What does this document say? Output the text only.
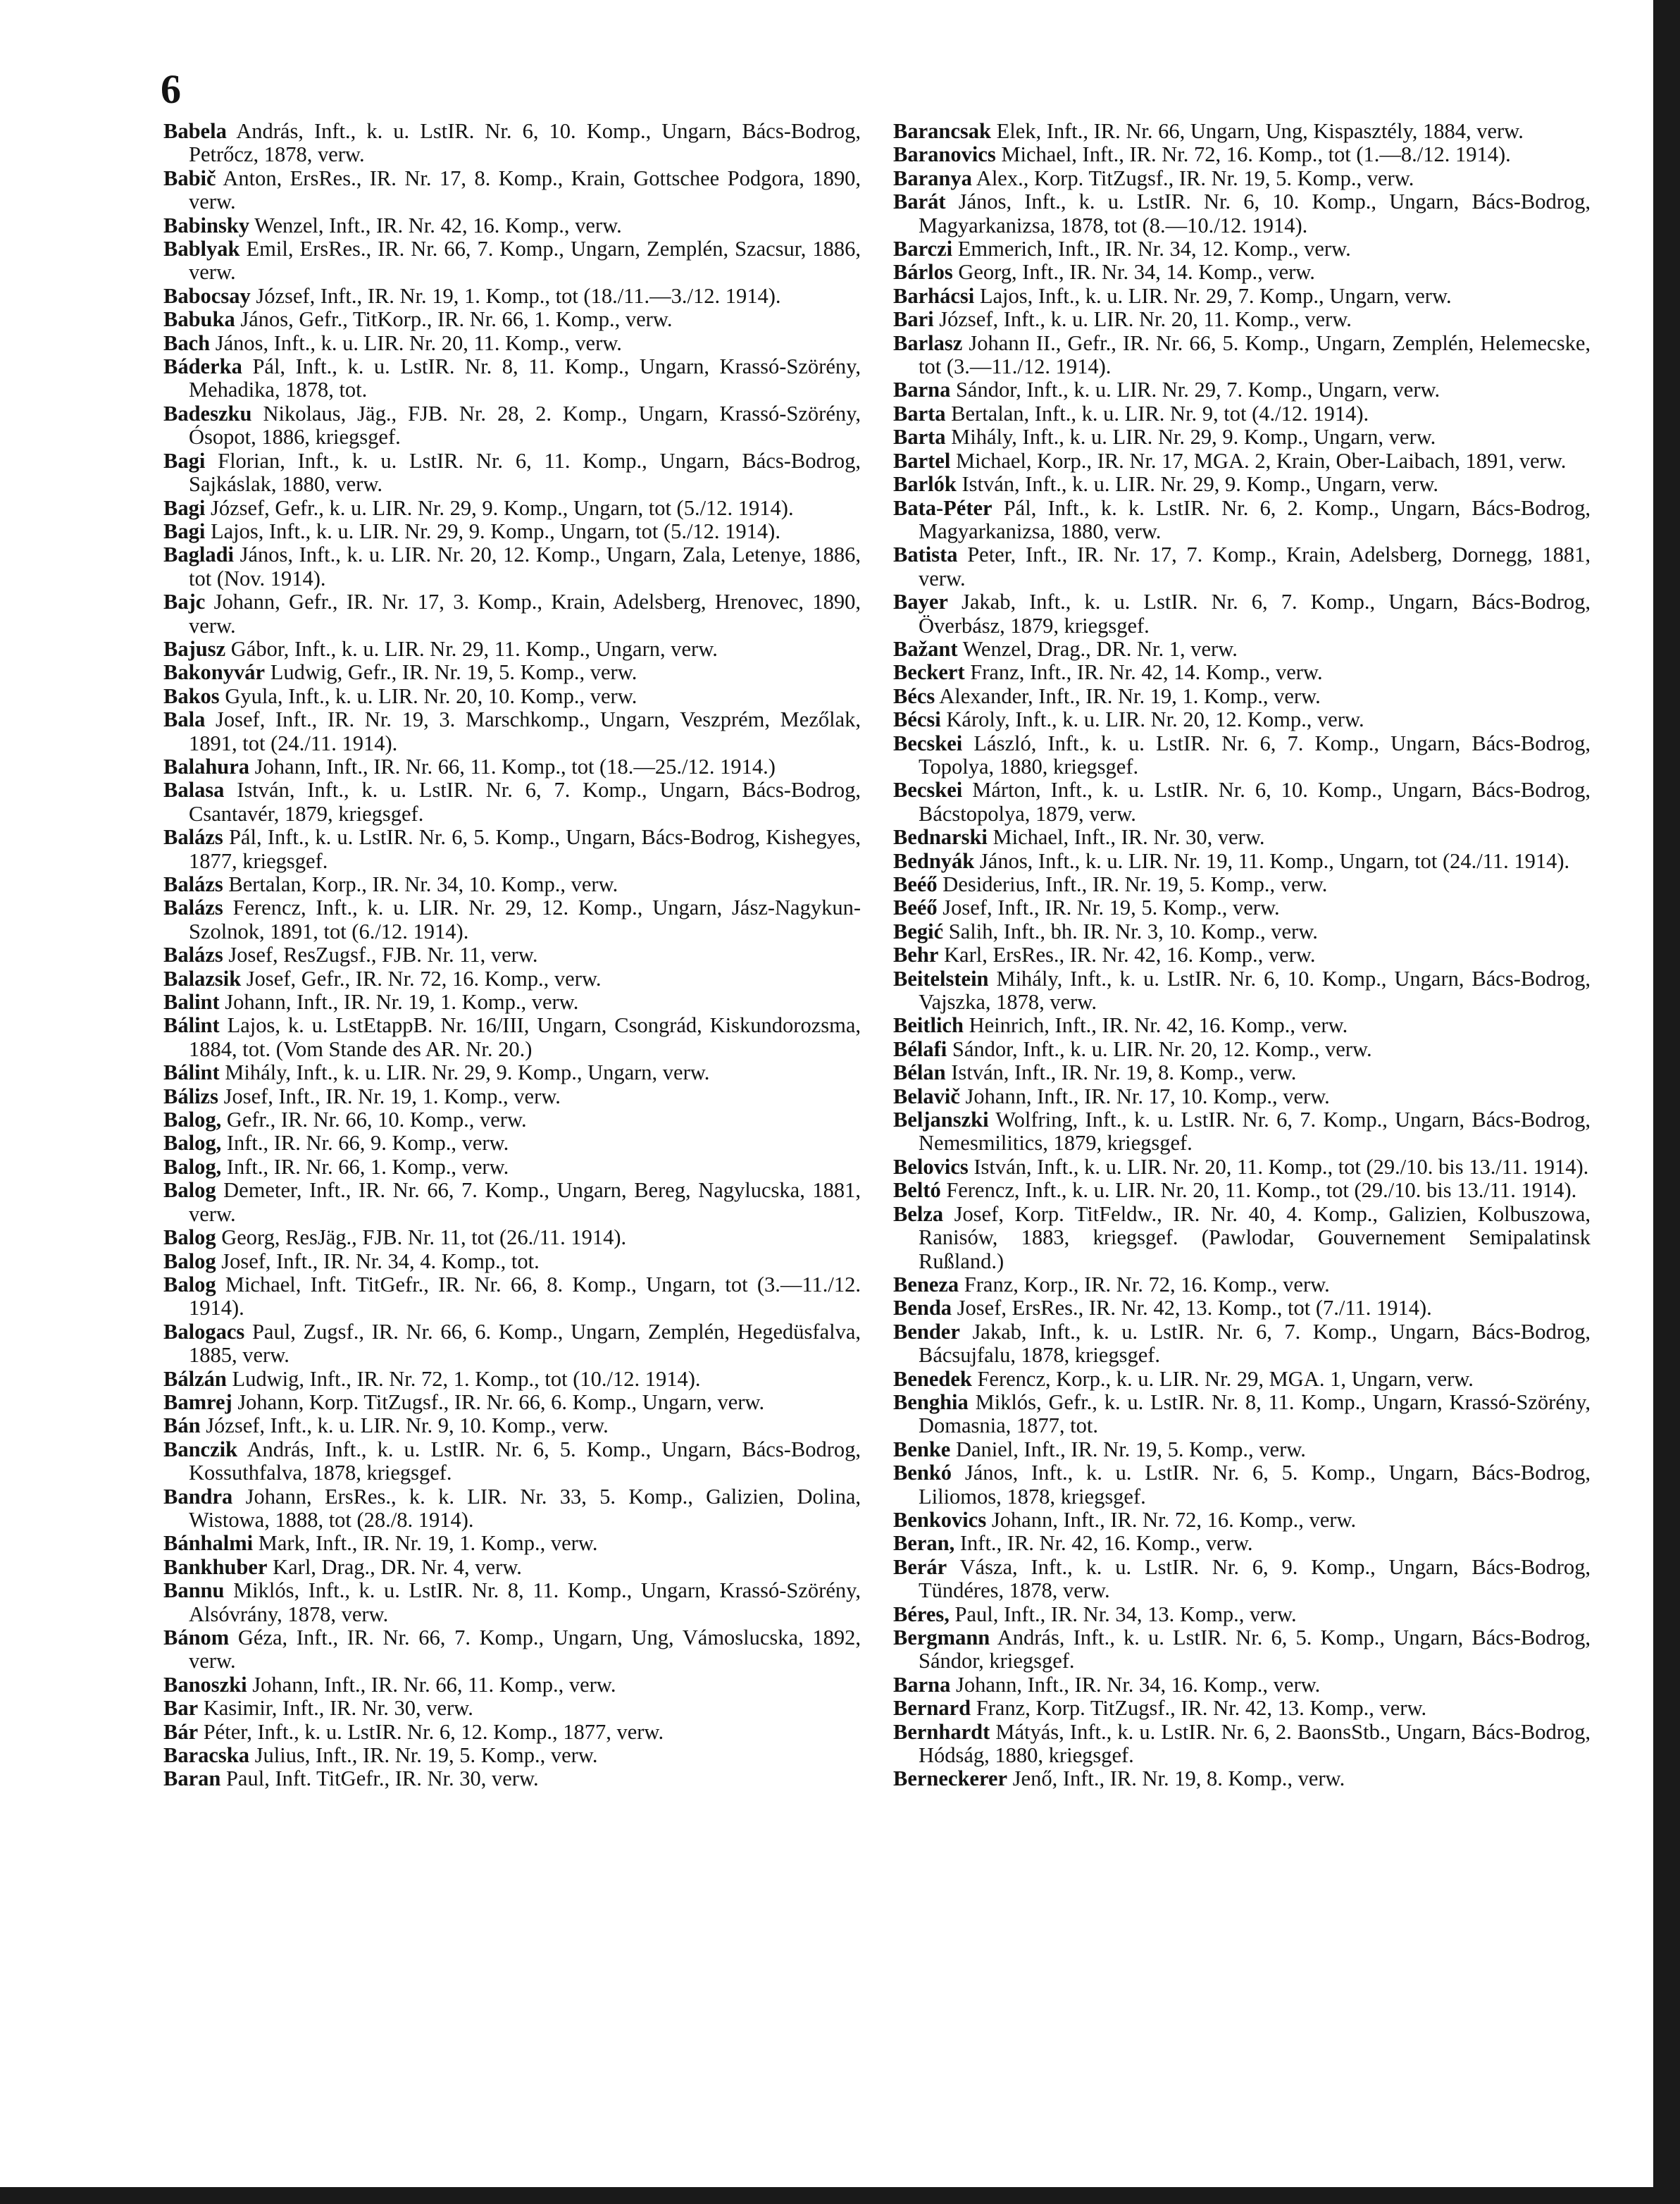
6

Babela András, Inft., k. u. LstIR. Nr. 6, 10. Komp., Ungarn, Bács-Bodrog, Petrőcz, 1878, verw.

Babič Anton, ErsRes., IR. Nr. 17, 8. Komp., Krain, Gottschee Podgora, 1890, verw.

Babinsky Wenzel, Inft., IR. Nr. 42, 16. Komp., verw.

Bablyak Emil, ErsRes., IR. Nr. 66, 7. Komp., Ungarn, Zemplén, Szacsur, 1886, verw.

Babocsay József, Inft., IR. Nr. 19, 1. Komp., tot (18./11.—3./12. 1914).

Babuka János, Gefr., TitKorp., IR. Nr. 66, 1. Komp., verw.

Bach János, Inft., k. u. LIR. Nr. 20, 11. Komp., verw.

Báderka Pál, Inft., k. u. LstIR. Nr. 8, 11. Komp., Ungarn, Krassó-Szörény, Mehadika, 1878, tot.

Badeszku Nikolaus, Jäg., FJB. Nr. 28, 2. Komp., Ungarn, Krassó-Szörény, Ósopot, 1886, kriegsgef.

Bagi Florian, Inft., k. u. LstIR. Nr. 6, 11. Komp., Ungarn, Bács-Bodrog, Sajkáslak, 1880, verw.

Bagi József, Gefr., k. u. LIR. Nr. 29, 9. Komp., Ungarn, tot (5./12. 1914).

Bagi Lajos, Inft., k. u. LIR. Nr. 29, 9. Komp., Ungarn, tot (5./12. 1914).

Bagladi János, Inft., k. u. LIR. Nr. 20, 12. Komp., Ungarn, Zala, Letenye, 1886, tot (Nov. 1914).

Bajc Johann, Gefr., IR. Nr. 17, 3. Komp., Krain, Adelsberg, Hrenovec, 1890, verw.

Bajusz Gábor, Inft., k. u. LIR. Nr. 29, 11. Komp., Ungarn, verw.

Bakonyvár Ludwig, Gefr., IR. Nr. 19, 5. Komp., verw.

Bakos Gyula, Inft., k. u. LIR. Nr. 20, 10. Komp., verw.

Bala Josef, Inft., IR. Nr. 19, 3. Marschkomp., Ungarn, Veszprém, Mezőlak, 1891, tot (24./11. 1914).

Balahura Johann, Inft., IR. Nr. 66, 11. Komp., tot (18.—25./12. 1914.)

Balasa István, Inft., k. u. LstIR. Nr. 6, 7. Komp., Ungarn, Bács-Bodrog, Csantavér, 1879, kriegsgef.

Balázs Pál, Inft., k. u. LstIR. Nr. 6, 5. Komp., Ungarn, Bács-Bodrog, Kishegyes, 1877, kriegsgef.

Balázs Bertalan, Korp., IR. Nr. 34, 10. Komp., verw.

Balázs Ferencz, Inft., k. u. LIR. Nr. 29, 12. Komp., Ungarn, Jász-Nagykun-Szolnok, 1891, tot (6./12. 1914).

Balázs Josef, ResZugsf., FJB. Nr. 11, verw.

Balazsik Josef, Gefr., IR. Nr. 72, 16. Komp., verw.

Balint Johann, Inft., IR. Nr. 19, 1. Komp., verw.

Bálint Lajos, k. u. LstEtappB. Nr. 16/III, Ungarn, Csongrád, Kiskundorozsma, 1884, tot. (Vom Stande des AR. Nr. 20.)

Bálint Mihály, Inft., k. u. LIR. Nr. 29, 9. Komp., Ungarn, verw.

Bálizs Josef, Inft., IR. Nr. 19, 1. Komp., verw.

Balog, Gefr., IR. Nr. 66, 10. Komp., verw.

Balog, Inft., IR. Nr. 66, 9. Komp., verw.

Balog, Inft., IR. Nr. 66, 1. Komp., verw.

Balog Demeter, Inft., IR. Nr. 66, 7. Komp., Ungarn, Bereg, Nagylucska, 1881, verw.

Balog Georg, ResJäg., FJB. Nr. 11, tot (26./11. 1914).

Balog Josef, Inft., IR. Nr. 34, 4. Komp., tot.

Balog Michael, Inft. TitGefr., IR. Nr. 66, 8. Komp., Ungarn, tot (3.—11./12. 1914).

Balogacs Paul, Zugsf., IR. Nr. 66, 6. Komp., Ungarn, Zemplén, Hegedüsfalva, 1885, verw.

Bálzán Ludwig, Inft., IR. Nr. 72, 1. Komp., tot (10./12. 1914).

Bamrej Johann, Korp. TitZugsf., IR. Nr. 66, 6. Komp., Ungarn, verw.

Bán József, Inft., k. u. LIR. Nr. 9, 10. Komp., verw.

Banczik András, Inft., k. u. LstIR. Nr. 6, 5. Komp., Ungarn, Bács-Bodrog, Kossuthfalva, 1878, kriegsgef.

Bandra Johann, ErsRes., k. k. LIR. Nr. 33, 5. Komp., Galizien, Dolina, Wistowa, 1888, tot (28./8. 1914).

Bánhalmi Mark, Inft., IR. Nr. 19, 1. Komp., verw.

Bankhuber Karl, Drag., DR. Nr. 4, verw.

Bannu Miklós, Inft., k. u. LstIR. Nr. 8, 11. Komp., Ungarn, Krassó-Szörény, Alsóvrány, 1878, verw.

Bánom Géza, Inft., IR. Nr. 66, 7. Komp., Ungarn, Ung, Vámoslucska, 1892, verw.

Banoszki Johann, Inft., IR. Nr. 66, 11. Komp., verw.

Bar Kasimir, Inft., IR. Nr. 30, verw.

Bár Péter, Inft., k. u. LstIR. Nr. 6, 12. Komp., 1877, verw.

Baracska Julius, Inft., IR. Nr. 19, 5. Komp., verw.

Baran Paul, Inft. TitGefr., IR. Nr. 30, verw.

Barancsak Elek, Inft., IR. Nr. 66, Ungarn, Ung, Kispasztély, 1884, verw.

Baranovics Michael, Inft., IR. Nr. 72, 16. Komp., tot (1.—8./12. 1914).

Baranya Alex., Korp. TitZugsf., IR. Nr. 19, 5. Komp., verw.

Barát János, Inft., k. u. LstIR. Nr. 6, 10. Komp., Ungarn, Bács-Bodrog, Magyarkanizsa, 1878, tot (8.—10./12. 1914).

Barczi Emmerich, Inft., IR. Nr. 34, 12. Komp., verw.

Bárlos Georg, Inft., IR. Nr. 34, 14. Komp., verw.

Barhácsi Lajos, Inft., k. u. LIR. Nr. 29, 7. Komp., Ungarn, verw.

Bari József, Inft., k. u. LIR. Nr. 20, 11. Komp., verw.

Barlasz Johann II., Gefr., IR. Nr. 66, 5. Komp., Ungarn, Zemplén, Helemecske, tot (3.—11./12. 1914).

Barna Sándor, Inft., k. u. LIR. Nr. 29, 7. Komp., Ungarn, verw.

Barta Bertalan, Inft., k. u. LIR. Nr. 9, tot (4./12. 1914).

Barta Mihály, Inft., k. u. LIR. Nr. 29, 9. Komp., Ungarn, verw.

Bartel Michael, Korp., IR. Nr. 17, MGA. 2, Krain, Ober-Laibach, 1891, verw.

Barlók István, Inft., k. u. LIR. Nr. 29, 9. Komp., Ungarn, verw.

Bata-Péter Pál, Inft., k. k. LstIR. Nr. 6, 2. Komp., Ungarn, Bács-Bodrog, Magyarkanizsa, 1880, verw.

Batista Peter, Inft., IR. Nr. 17, 7. Komp., Krain, Adelsberg, Dornegg, 1881, verw.

Bayer Jakab, Inft., k. u. LstIR. Nr. 6, 7. Komp., Ungarn, Bács-Bodrog, Överbász, 1879, kriegsgef.

Bažant Wenzel, Drag., DR. Nr. 1, verw.

Beckert Franz, Inft., IR. Nr. 42, 14. Komp., verw.

Bécs Alexander, Inft., IR. Nr. 19, 1. Komp., verw.

Bécsi Károly, Inft., k. u. LIR. Nr. 20, 12. Komp., verw.

Becskei László, Inft., k. u. LstIR. Nr. 6, 7. Komp., Ungarn, Bács-Bodrog, Topolya, 1880, kriegsgef.

Becskei Márton, Inft., k. u. LstIR. Nr. 6, 10. Komp., Ungarn, Bács-Bodrog, Bácstopolya, 1879, verw.

Bednarski Michael, Inft., IR. Nr. 30, verw.

Bednyák János, Inft., k. u. LIR. Nr. 19, 11. Komp., Ungarn, tot (24./11. 1914).

Beéő Desiderius, Inft., IR. Nr. 19, 5. Komp., verw.

Beéő Josef, Inft., IR. Nr. 19, 5. Komp., verw.

Begić Salih, Inft., bh. IR. Nr. 3, 10. Komp., verw.

Behr Karl, ErsRes., IR. Nr. 42, 16. Komp., verw.

Beitelstein Mihály, Inft., k. u. LstIR. Nr. 6, 10. Komp., Ungarn, Bács-Bodrog, Vajszka, 1878, verw.

Beitlich Heinrich, Inft., IR. Nr. 42, 16. Komp., verw.

Bélafi Sándor, Inft., k. u. LIR. Nr. 20, 12. Komp., verw.

Bélan István, Inft., IR. Nr. 19, 8. Komp., verw.

Belavič Johann, Inft., IR. Nr. 17, 10. Komp., verw.

Beljanszki Wolfring, Inft., k. u. LstIR. Nr. 6, 7. Komp., Ungarn, Bács-Bodrog, Nemesmilitics, 1879, kriegsgef.

Belovics István, Inft., k. u. LIR. Nr. 20, 11. Komp., tot (29./10. bis 13./11. 1914).

Beltó Ferencz, Inft., k. u. LIR. Nr. 20, 11. Komp., tot (29./10. bis 13./11. 1914).

Belza Josef, Korp. TitFeldw., IR. Nr. 40, 4. Komp., Galizien, Kolbuszowa, Ranisów, 1883, kriegsgef. (Pawlodar, Gouvernement Semipalatinsk Rußland.)

Beneza Franz, Korp., IR. Nr. 72, 16. Komp., verw.

Benda Josef, ErsRes., IR. Nr. 42, 13. Komp., tot (7./11. 1914).

Bender Jakab, Inft., k. u. LstIR. Nr. 6, 7. Komp., Ungarn, Bács-Bodrog, Bácsujfalu, 1878, kriegsgef.

Benedek Ferencz, Korp., k. u. LIR. Nr. 29, MGA. 1, Ungarn, verw.

Benghia Miklós, Gefr., k. u. LstIR. Nr. 8, 11. Komp., Ungarn, Krassó-Szörény, Domasnia, 1877, tot.

Benke Daniel, Inft., IR. Nr. 19, 5. Komp., verw.

Benkó János, Inft., k. u. LstIR. Nr. 6, 5. Komp., Ungarn, Bács-Bodrog, Liliomos, 1878, kriegsgef.

Benkovics Johann, Inft., IR. Nr. 72, 16. Komp., verw.

Beran, Inft., IR. Nr. 42, 16. Komp., verw.

Berár Vásza, Inft., k. u. LstIR. Nr. 6, 9. Komp., Ungarn, Bács-Bodrog, Tündéres, 1878, verw.

Béres, Paul, Inft., IR. Nr. 34, 13. Komp., verw.

Bergmann András, Inft., k. u. LstIR. Nr. 6, 5. Komp., Ungarn, Bács-Bodrog, Sándor, kriegsgef.

Barna Johann, Inft., IR. Nr. 34, 16. Komp., verw.

Bernard Franz, Korp. TitZugsf., IR. Nr. 42, 13. Komp., verw.

Bernhardt Mátyás, Inft., k. u. LstIR. Nr. 6, 2. BaonsStb., Ungarn, Bács-Bodrog, Hódság, 1880, kriegsgef.

Berneckerer Jenő, Inft., IR. Nr. 19, 8. Komp., verw.
